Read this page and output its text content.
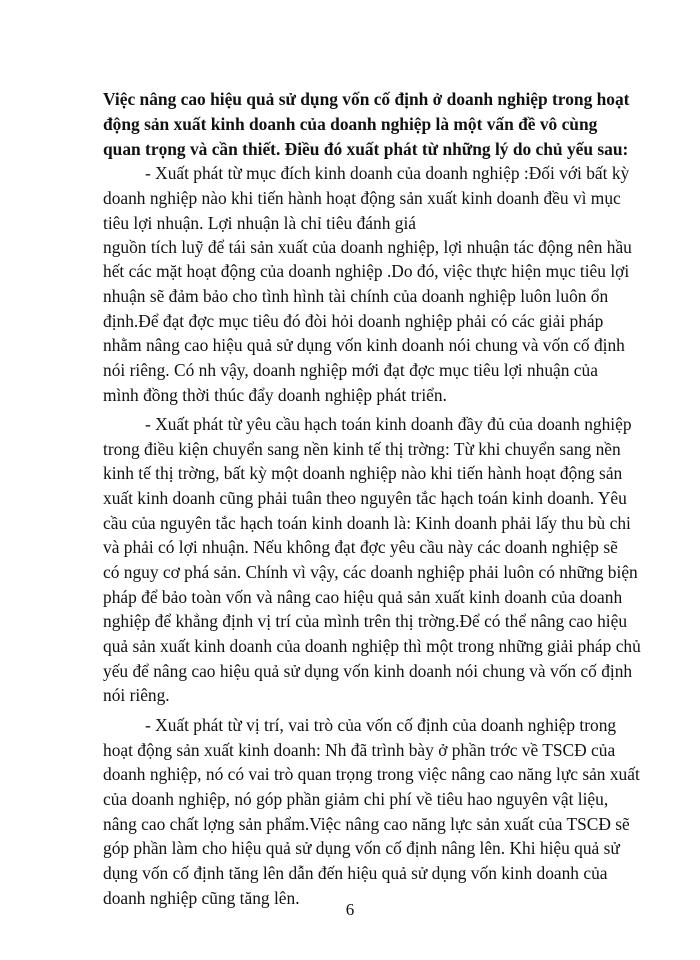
Việc nâng cao hiệu quả sử dụng vốn cố định ở doanh nghiệp trong hoạt

động sản xuất kinh doanh của doanh nghiệp là một vấn đề vô cùng

quan trọng và cần thiết. Điều đó xuất phát từ những lý do chủ yếu sau:

- Xuất phát từ mục đích kinh doanh của doanh nghiệp :Đối với bất kỳ

doanh nghiệp nào khi tiến hành hoạt động sản xuất kinh doanh đều vì mục

tiêu lợi nhuận. Lợi nhuận là chỉ tiêu đánh giá

nguồn tích luỹ để tái sản xuất của doanh nghiệp, lợi nhuận tác động nên hầu

hết các mặt hoạt động của doanh nghiệp .Do đó, việc thực hiện mục tiêu lợi

nhuận sẽ đảm bảo cho tình hình tài chính của doanh nghiệp luôn luôn ổn

định.Để đạt đợc mục tiêu đó đòi hỏi doanh nghiệp phải có các giải pháp

nhằm nâng cao hiệu quả sử dụng vốn kinh doanh nói chung và vốn cố định

nói riêng. Có nh vậy, doanh nghiệp mới đạt đợc mục tiêu lợi nhuận của

mình đồng thời thúc đẩy doanh nghiệp phát triển.

- Xuất phát từ yêu cầu hạch toán kinh doanh đầy đủ của doanh nghiệp

trong điều kiện chuyển sang nền kinh tế thị trờng: Từ khi chuyển sang nền

kinh tế thị trờng, bất kỳ một doanh nghiệp nào khi tiến hành hoạt động sản

xuất kinh doanh cũng phải tuân theo nguyên tắc hạch toán kinh doanh. Yêu

cầu của nguyên tắc hạch toán kinh doanh là: Kinh doanh phải lấy thu bù chi

và phải có lợi nhuận. Nếu không đạt đợc yêu cầu này các doanh nghiệp sẽ

có nguy cơ phá sản. Chính vì vậy, các doanh nghiệp phải luôn có những biện

pháp để bảo toàn vốn và nâng cao hiệu quả sản xuất kinh doanh của doanh

nghiệp để khẳng định vị trí của mình trên thị trờng.Để có thể nâng cao hiệu

quả sản xuất kinh doanh của doanh nghiệp thì một trong những giải pháp chủ

yếu để nâng cao hiệu quả sử dụng vốn kinh doanh nói chung và vốn cố định

nói riêng.

- Xuất phát từ vị trí, vai trò của vốn cố định của doanh nghiệp trong

hoạt động sản xuất kinh doanh: Nh đã trình bày ở phần trớc về TSCĐ của

doanh nghiệp, nó có vai trò quan trọng trong việc nâng cao năng lực sản xuất

của doanh nghiệp, nó góp phần giảm chi phí về tiêu hao nguyên vật liệu,

nâng cao chất lợng sản phẩm.Việc nâng cao năng lực sản xuất của TSCĐ sẽ

góp phần làm cho hiệu quả sử dụng vốn cố định nâng lên. Khi hiệu quả sử

dụng vốn cố định tăng lên dẫn đến hiệu quả sử dụng vốn kinh doanh của

doanh nghiệp cũng tăng lên.

6
